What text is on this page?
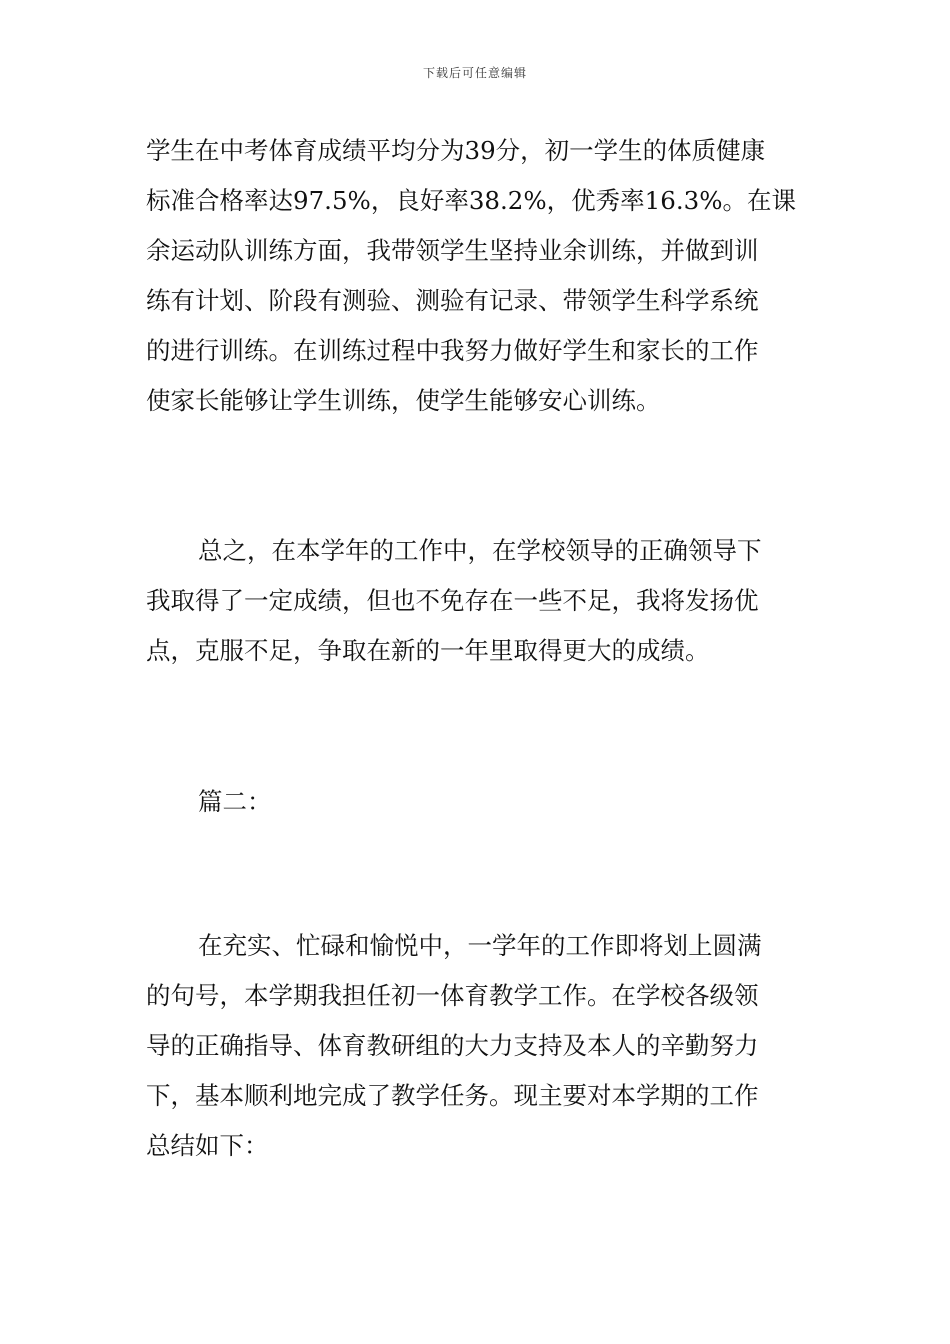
下载后可任意编辑

学生在中考体育成绩平均分为39分，初一学生的体质健康
标准合格率达97.5%，良好率38.2%，优秀率16.3%。在课
余运动队训练方面，我带领学生坚持业余训练，并做到训
练有计划、阶段有测验、测验有记录、带领学生科学系统
的进行训练。在训练过程中我努力做好学生和家长的工作
使家长能够让学生训练，使学生能够安心训练。

总之，在本学年的工作中，在学校领导的正确领导下
我取得了一定成绩，但也不免存在一些不足，我将发扬优
点，克服不足，争取在新的一年里取得更大的成绩。

篇二：

在充实、忙碌和愉悦中，一学年的工作即将划上圆满
的句号，本学期我担任初一体育教学工作。在学校各级领
导的正确指导、体育教研组的大力支持及本人的辛勤努力
下，基本顺利地完成了教学任务。现主要对本学期的工作
总结如下：
